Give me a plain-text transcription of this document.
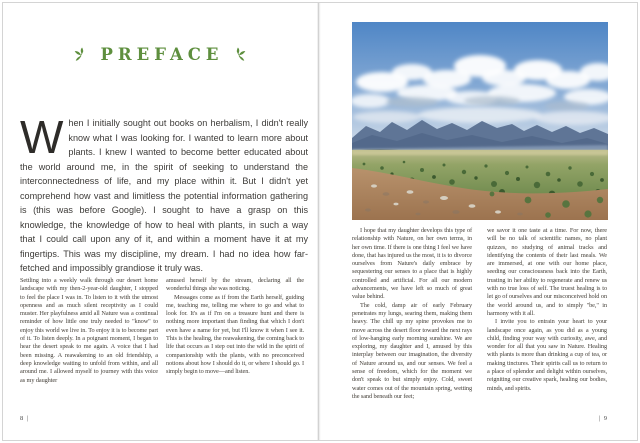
PREFACE
When I initially sought out books on herbalism, I didn't really know what I was looking for. I wanted to learn more about plants. I knew I wanted to become better educated about the world around me, in the spirit of seeking to understand the interconnectedness of life, and my place within it. But I didn't yet comprehend how vast and limitless the potential information gathering is (this was before Google). I sought to have a grasp on this knowledge, the knowledge of how to heal with plants, in such a way that I could call upon any of it, and within a moment have it at my fingertips. This was my discipline, my dream. I had no idea how far-fetched and impossibly grandiose it truly was.

Settling into a weekly walk through our desert home landscape with my then-2-year-old daughter, I stopped to feel the place I was in. To listen to it with the utmost openness and as much silent receptivity as I could muster. Her playfulness amid all Nature was a continual reminder of how little one truly needed to "know" to enjoy this world we live in. To enjoy it is to become part of it. To listen deeply. In a poignant moment, I began to hear the desert speak to me again. A voice that I had been missing. A reawakening to an old friendship, a deep knowledge waiting to unfold from within, and all around me. I allowed myself to journey with this voice as my daughter

amused herself by the stream, declaring all the wonderful things she was noticing.

Messages come as if from the Earth herself, guiding me, teaching me, telling me where to go and what to look for. It's as if I'm on a treasure hunt and there is nothing more important than finding that which I don't even have a name for yet, but I'll know it when I see it. This is the healing, the reawakening, the coming back to life that occurs as I step out into the wild in the spirit of companionship with the plants, with no preconceived notions about how I should do it, or where I should go. I simply begin to move—and listen.

8 |

I hope that my daughter develops this type of relationship with Nature, on her own terms, in her own time. If there is one thing I feel we have done, that has injured us the most, it is to divorce ourselves from Nature's daily embrace by sequestering our senses to a place that is highly controlled and artificial. For all our modern advancements, we have left so much of great value behind.

The cold, damp air of early February penetrates my lungs, searing them, making them heavy. The chill up my spine provokes me to move across the desert floor toward the next rays of low-hanging early morning sunshine. We are exploring, my daughter and I, amused by this interplay between our imagination, the diversity of Nature around us, and our senses. We feel a sense of freedom, which for the moment we don't speak to but simply enjoy. Cold, sweet water comes out of the mountain spring, wetting the sand beneath our feet;

we savor it one taste at a time. For now, there will be no talk of scientific names, no plant quizzes, no studying of animal tracks and identifying the contents of their last meals. We are immersed, at one with our home place, seeding our consciousness back into the Earth, trusting in her ability to regenerate and renew us with no true loss of self. The truest healing is to let go of ourselves and our misconceived hold on the world around us, and to simply "be," in harmony with it all.

I invite you to entrain your heart to your landscape once again, as you did as a young child, finding your way with curiosity, awe, and wonder for all that you saw in Nature. Healing with plants is more than drinking a cup of tea, or making tinctures. Their spirits call us to return to a place of splendor and delight within ourselves, reigniting our creative spark, healing our bodies, minds, and spirits.

| 9
